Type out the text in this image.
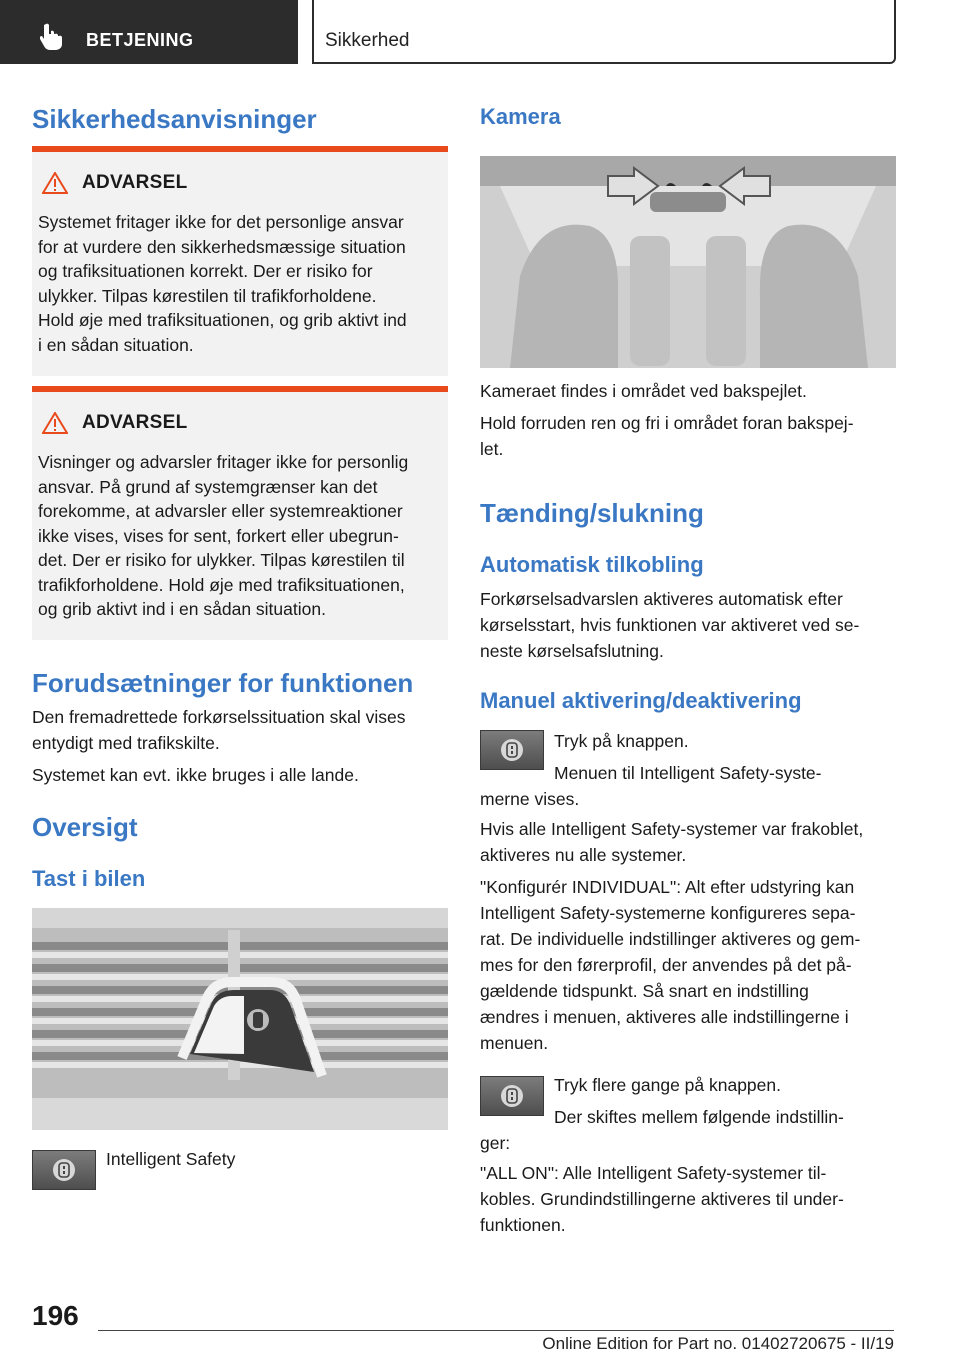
BETJENING	Sikkerhed
Sikkerhedsanvisninger
ADVARSEL
Systemet fritager ikke for det personlige ansvar
for at vurdere den sikkerhedsmæssige situation
og trafiksituationen korrekt. Der er risiko for
ulykker. Tilpas kørestilen til trafikforholdene.
Hold øje med trafiksituationen, og grib aktivt ind
i en sådan situation.
ADVARSEL
Visninger og advarsler fritager ikke for personlig
ansvar. På grund af systemgrænser kan det
forekomme, at advarsler eller systemreaktioner
ikke vises, vises for sent, forkert eller ubegrun-
det. Der er risiko for ulykker. Tilpas kørestilen til
trafikforholdene. Hold øje med trafiksituationen,
og grib aktivt ind i en sådan situation.
Forudsætninger for funktionen
Den fremadrettede forkørselssituation skal vises
entydigt med trafikskilte.
Systemet kan evt. ikke bruges i alle lande.
Oversigt
Tast i bilen
Intelligent Safety
Kamera
Kameraet findes i området ved bakspejlet.
Hold forruden ren og fri i området foran bakspej-
let.
Tænding/slukning
Automatisk tilkobling
Forkørselsadvarslen aktiveres automatisk efter
kørselsstart, hvis funktionen var aktiveret ved se-
neste kørselsafslutning.
Manuel aktivering/deaktivering
Tryk på knappen.
Menuen til Intelligent Safety-syste-
merne vises.
Hvis alle Intelligent Safety-systemer var frakoblet,
aktiveres nu alle systemer.
"Konfigurér INDIVIDUAL": Alt efter udstyring kan
Intelligent Safety-systemerne konfigureres sepa-
rat. De individuelle indstillinger aktiveres og gem-
mes for den førerprofil, der anvendes på det på-
gældende tidspunkt. Så snart en indstilling
ændres i menuen, aktiveres alle indstillingerne i
menuen.
Tryk flere gange på knappen.
Der skiftes mellem følgende indstillin-
ger:
"ALL ON": Alle Intelligent Safety-systemer til-
kobles. Grundindstillingerne aktiveres til under-
funktionen.
196
Online Edition for Part no. 01402720675 - II/19
